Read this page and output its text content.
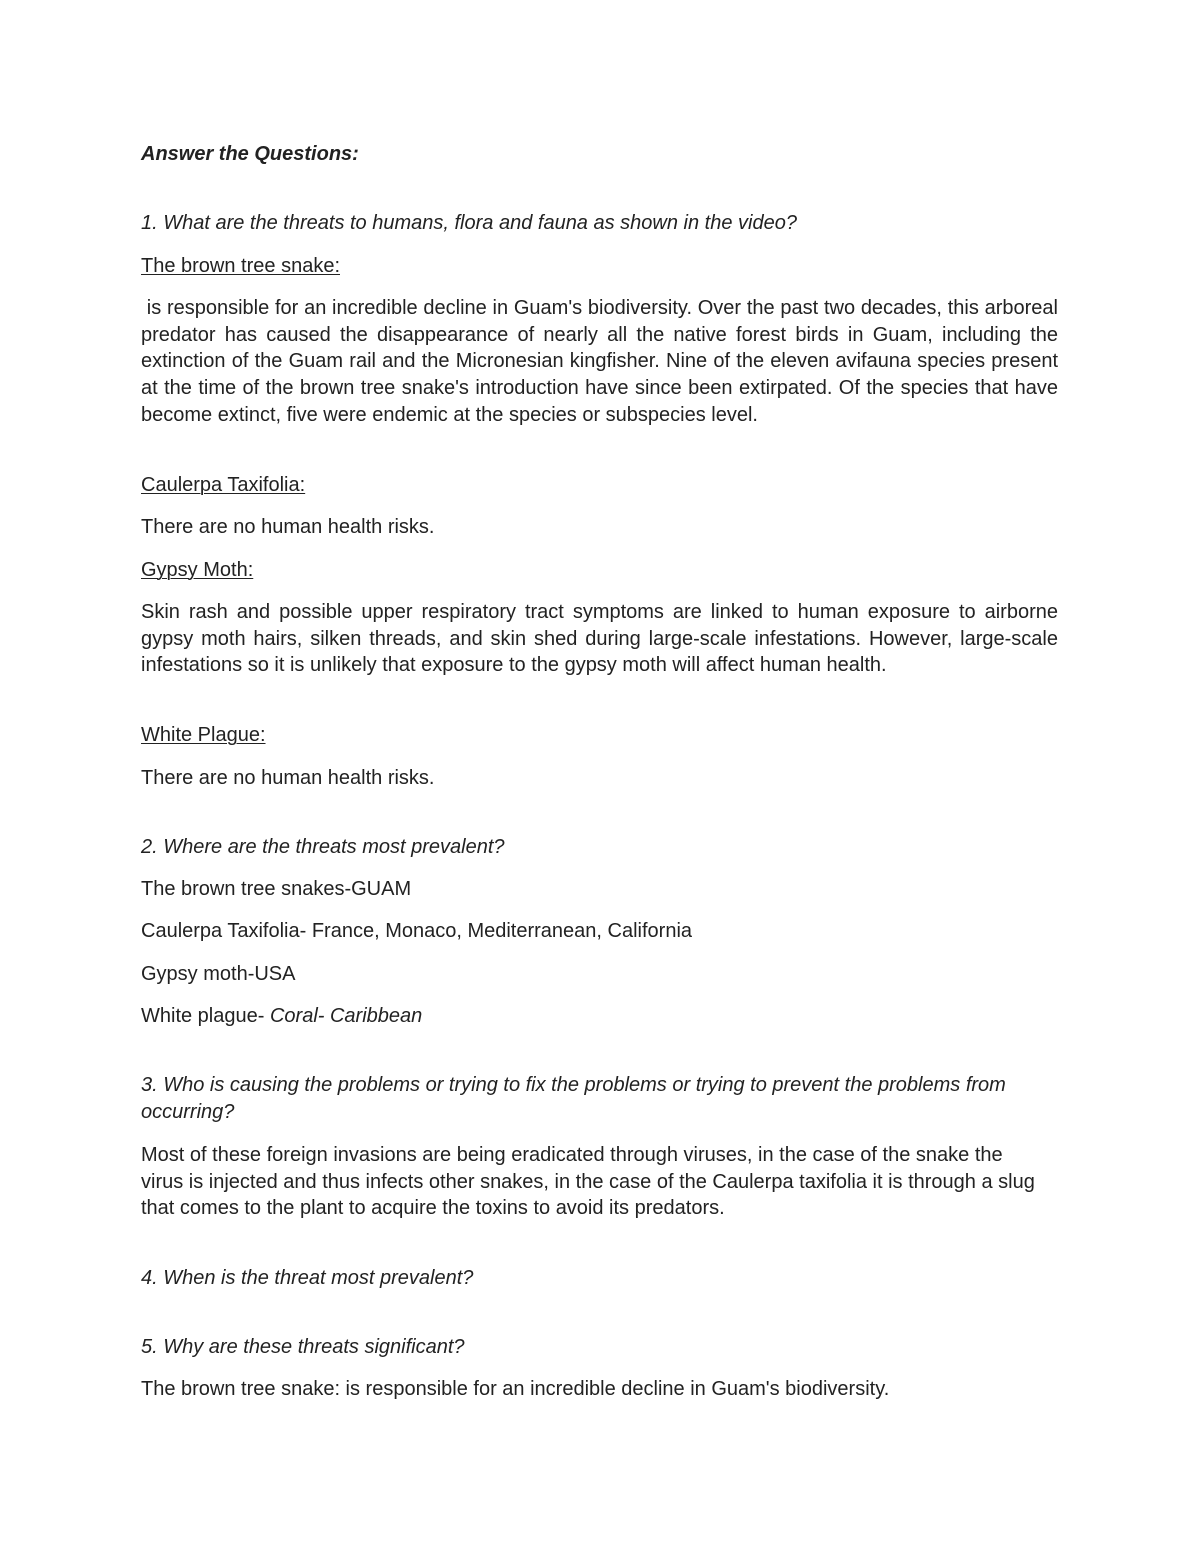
Answer the Questions:

1. What are the threats to humans, flora and fauna as shown in the video?

The brown tree snake:

is responsible for an incredible decline in Guam's biodiversity. Over the past two decades, this arboreal predator has caused the disappearance of nearly all the native forest birds in Guam, including the extinction of the Guam rail and the Micronesian kingfisher. Nine of the eleven avifauna species present at the time of the brown tree snake's introduction have since been extirpated. Of the species that have become extinct, five were endemic at the species or subspecies level.

Caulerpa Taxifolia:

There are no human health risks.

Gypsy Moth:

Skin rash and possible upper respiratory tract symptoms are linked to human exposure to airborne gypsy moth hairs, silken threads, and skin shed during large-scale infestations. However, large-scale infestations so it is unlikely that exposure to the gypsy moth will affect human health.

White Plague:

There are no human health risks.

2. Where are the threats most prevalent?

The brown tree snakes-GUAM

Caulerpa Taxifolia- France, Monaco, Mediterranean, California

Gypsy moth-USA

White plague- Coral- Caribbean

3. Who is causing the problems or trying to fix the problems or trying to prevent the problems from occurring?

Most of these foreign invasions are being eradicated through viruses, in the case of the snake the virus is injected and thus infects other snakes, in the case of the Caulerpa taxifolia it is through a slug that comes to the plant to acquire the toxins to avoid its predators.

4. When is the threat most prevalent?

5. Why are these threats significant?

The brown tree snake: is responsible for an incredible decline in Guam's biodiversity.
